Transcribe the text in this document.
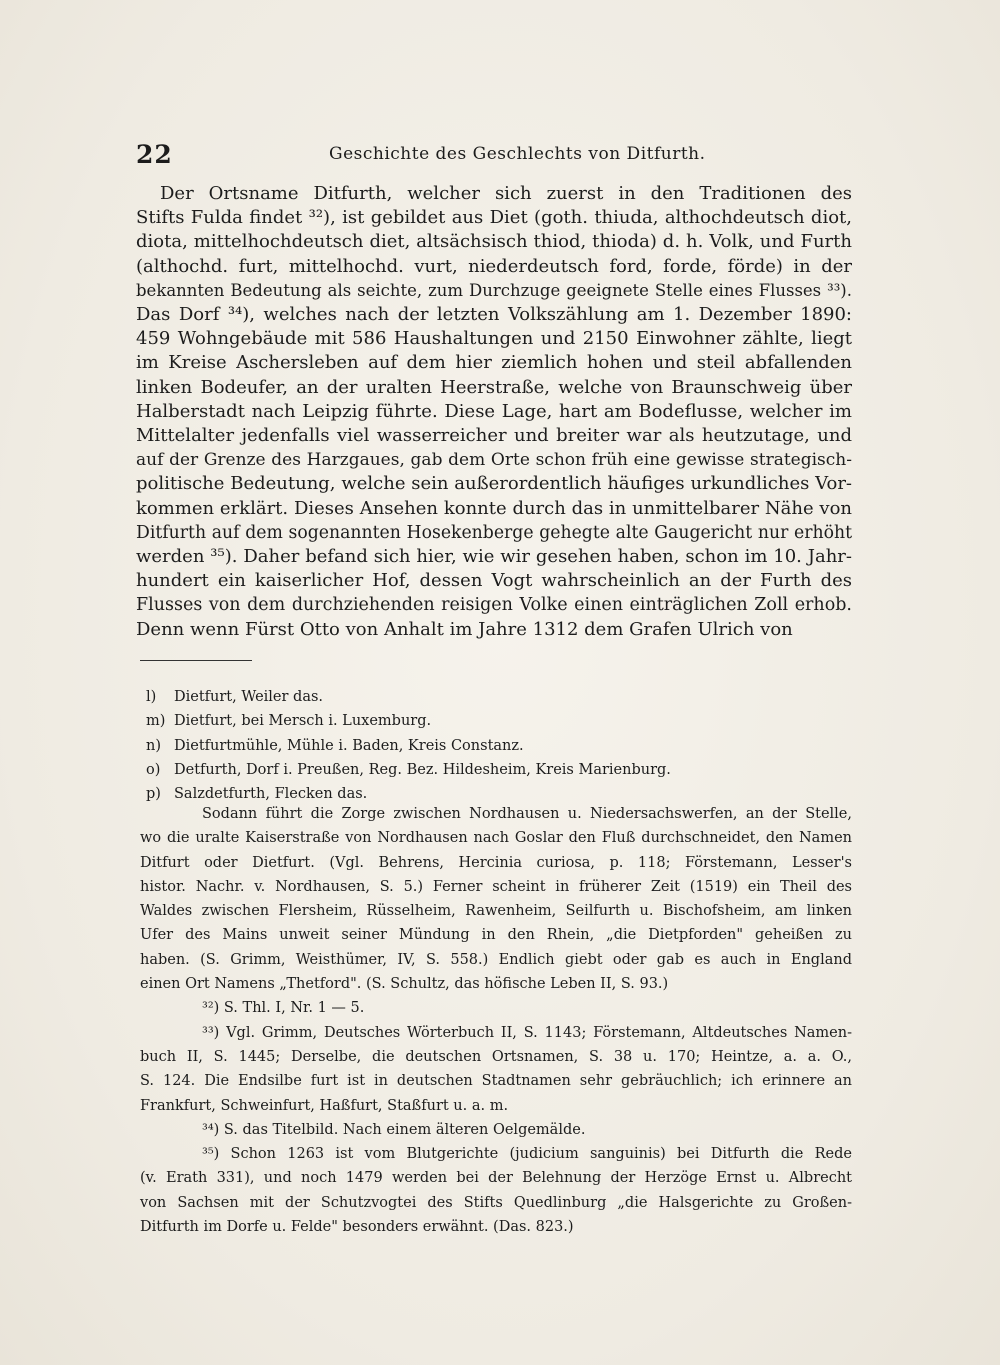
22	Geschichte des Geschlechts von Ditfurth.
Der Ortsname Ditfurth, welcher sich zuerst in den Traditionen des
Stifts Fulda findet ³²), ist gebildet aus Diet (goth. thiuda, althochdeutsch diot,
diota, mittelhochdeutsch diet, altsächsisch thiod, thioda) d. h. Volk, und Furth
(althochd. furt, mittelhochd. vurt, niederdeutsch ford, forde, förde) in der
bekannten Bedeutung als seichte, zum Durchzuge geeignete Stelle eines Flusses ³³).
Das Dorf ³⁴), welches nach der letzten Volkszählung am 1. Dezember 1890:
459 Wohngebäude mit 586 Haushaltungen und 2150 Einwohner zählte, liegt
im Kreise Aschersleben auf dem hier ziemlich hohen und steil abfallenden
linken Bodeufer, an der uralten Heerstraße, welche von Braunschweig über
Halberstadt nach Leipzig führte. Diese Lage, hart am Bodeflusse, welcher im
Mittelalter jedenfalls viel wasserreicher und breiter war als heutzutage, und
auf der Grenze des Harzgaues, gab dem Orte schon früh eine gewisse strategisch-
politische Bedeutung, welche sein außerordentlich häufiges urkundliches Vor-
kommen erklärt. Dieses Ansehen konnte durch das in unmittelbarer Nähe von
Ditfurth auf dem sogenannten Hosekenberge gehegte alte Gaugericht nur erhöht
werden ³⁵). Daher befand sich hier, wie wir gesehen haben, schon im 10. Jahr-
hundert ein kaiserlicher Hof, dessen Vogt wahrscheinlich an der Furth des
Flusses von dem durchziehenden reisigen Volke einen einträglichen Zoll erhob.
Denn wenn Fürst Otto von Anhalt im Jahre 1312 dem Grafen Ulrich von
l) Dietfurt, Weiler das.
m) Dietfurt, bei Mersch i. Luxemburg.
n) Dietfurtmühle, Mühle i. Baden, Kreis Constanz.
o) Detfurth, Dorf i. Preußen, Reg. Bez. Hildesheim, Kreis Marienburg.
p) Salzdetfurth, Flecken das.
Sodann führt die Zorge zwischen Nordhausen u. Niedersachswerfen, an der Stelle,
wo die uralte Kaiserstraße von Nordhausen nach Goslar den Fluß durchschneidet, den Namen
Ditfurt oder Dietfurt. (Vgl. Behrens, Hercinia curiosa, p. 118; Förstemann, Lesser's
histor. Nachr. v. Nordhausen, S. 5.) Ferner scheint in früherer Zeit (1519) ein Theil des
Waldes zwischen Flersheim, Rüsselheim, Rawenheim, Seilfurth u. Bischofsheim, am linken
Ufer des Mains unweit seiner Mündung in den Rhein, „die Dietpforden" geheißen zu
haben. (S. Grimm, Weisthümer, IV, S. 558.) Endlich giebt oder gab es auch in England
einen Ort Namens „Thetford". (S. Schultz, das höfische Leben II, S. 93.)
³²) S. Thl. I, Nr. 1 — 5.
³³) Vgl. Grimm, Deutsches Wörterbuch II, S. 1143; Förstemann, Altdeutsches Namen-
buch II, S. 1445; Derselbe, die deutschen Ortsnamen, S. 38 u. 170; Heintze, a. a. O.,
S. 124. Die Endsilbe furt ist in deutschen Stadtnamen sehr gebräuchlich; ich erinnere an
Frankfurt, Schweinfurt, Haßfurt, Staßfurt u. a. m.
³⁴) S. das Titelbild. Nach einem älteren Oelgemälde.
³⁵) Schon 1263 ist vom Blutgerichte (judicium sanguinis) bei Ditfurth die Rede
(v. Erath 331), und noch 1479 werden bei der Belehnung der Herzöge Ernst u. Albrecht
von Sachsen mit der Schutzvogtei des Stifts Quedlinburg „die Halsgerichte zu Großen-
Ditfurth im Dorfe u. Felde" besonders erwähnt. (Das. 823.)
